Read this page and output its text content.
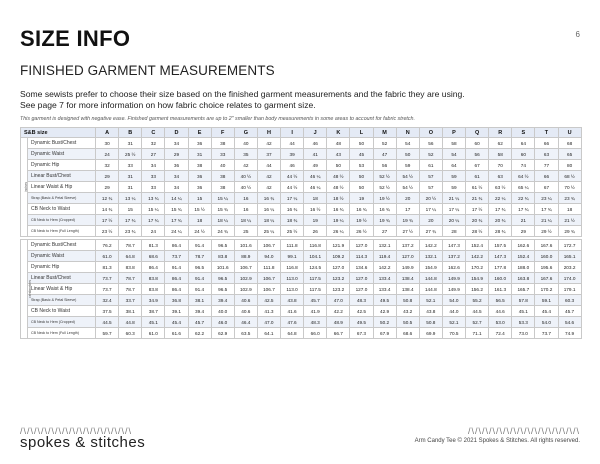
SIZE INFO	6
FINISHED GARMENT MEASUREMENTS
Some sewists prefer to choose their size based on the finished garment measurements and the fabric they are using.
See page 7 for more information on how fabric choice relates to garment size.
This garment is designed with negative ease. Finished garment measurements are up to 2" smaller than body measurements in some areas to account for fabric stretch.
S&B size		A	B	C	D	E	F	G	H	I	J	K	L	M	N	O	P	Q	R	S	T	U
inches	Dynamic Bust/Chest	30	31	32	34	36	38	40	42	44	46	48	50	52	54	56	58	60	62	64	66	68
	Dynamic Waist	24	25 ½	27	29	31	33	35	37	39	41	43	45	47	50	52	54	56	58	60	63	65
	Dynamic Hip	32	33	34	36	38	40	42	44	46	49	50	53	56	59	61	64	67	70	74	77	80
	Linear Bust/Chest	29	31	33	34	36	38	40 ½	42	44 ½	46 ¼	48 ½	50	52 ½	54 ½	57	59	61	63	64 ½	66	68 ½
	Linear Waist & Hip	29	31	33	34	36	38	40 ½	42	44 ½	46 ¼	48 ½	50	52 ½	54 ½	57	59	61 ½	63 ½	65 ¼	67	70 ½
	Strap (Basic & Petal Sleeve)	12 ¾	13 ¼	13 ¾	14 ¼	15	15 ¼	16	16 ¾	17 ¼	18	18 ½	19	19 ½	20	20 ½	21 ¼	21 ¾	22 ¼	22 ¾	23 ¼	23 ¾
	CB Neck to Waist	14 ¾	15	15 ¼	15 ¾	15 ½	15 ¾	16	16 ¼	16 ¾	16 ½	16 ¾	16 ¾	16 ¾	17	17 ¼	17 ¼	17 ½	17 ¾	17 ¾	17 ¾	18
	CB Neck to Hem (Cropped)	17 ½	17 ¾	17 ¾	17 ¾	18	18 ¼	18 ¼	18 ¼	18 ¾	19	19 ¼	19 ½	19 ¾	19 ¾	20	20 ¼	20 ¾	20 ¾	21	21 ¼	21 ½
	CB Neck to Hem (Full Length)	23 ½	23 ¾	24	24 ¼	24 ½	24 ¾	25	25 ¼	25 ½	26	26 ¼	26 ½	27	27 ½	27 ¾	28	28 ½	28 ¾	29	29 ½	29 ¾

centimeters	Dynamic Bust/Chest	76.2	78.7	81.3	86.4	91.4	96.5	101.6	106.7	111.8	116.8	121.9	127.0	132.1	137.2	142.2	147.3	152.4	157.5	162.6	167.6	172.7
	Dynamic Waist	61.0	64.8	68.6	73.7	78.7	83.8	88.9	94.0	99.1	104.1	109.2	114.3	119.4	127.0	132.1	137.2	142.2	147.3	152.4	160.0	165.1
	Dynamic Hip	81.3	83.8	86.4	91.4	96.5	101.6	106.7	111.8	116.8	124.5	127.0	134.6	142.2	149.9	154.9	162.6	170.2	177.8	188.0	195.6	203.2
	Linear Bust/Chest	73.7	78.7	83.8	86.4	91.4	96.5	102.9	106.7	113.0	117.5	123.2	127.0	133.4	138.4	144.8	149.9	154.9	160.0	163.8	167.6	174.0
	Linear Waist & Hip	73.7	78.7	83.8	86.4	91.4	96.5	102.9	106.7	113.0	117.5	123.2	127.0	133.4	138.4	144.8	149.9	156.2	161.3	165.7	170.2	179.1
	Strap (Basic & Petal Sleeve)	32.4	33.7	34.9	36.8	38.1	39.4	40.6	42.5	43.8	45.7	47.0	48.3	49.5	50.8	52.1	54.0	55.2	56.5	57.8	59.1	60.3
	CB Neck to Waist	37.5	38.1	38.7	39.1	39.4	40.0	40.6	41.3	41.6	41.9	42.2	42.5	42.9	43.2	43.8	44.0	44.5	44.6	45.1	45.4	45.7
	CB Neck to Hem (Cropped)	44.5	44.8	45.1	45.4	45.7	46.0	46.4	47.0	47.6	48.3	48.9	49.5	50.2	50.5	50.8	52.1	52.7	53.0	53.3	54.0	54.6
	CB Neck to Hem (Full Length)	59.7	60.3	61.0	61.6	62.2	62.9	63.5	64.1	64.8	66.0	66.7	67.3	67.9	68.6	69.9	70.5	71.1	72.4	73.0	73.7	74.9
/\/\/\/\/\/\/\/\/\/\/\/\/\/\/\/\	/\/\/\/\/\/\/\/\/\/\/\/\/\/\/\/\
spokes & stitches	Arm Candy Tee © 2021 Spokes & Stitches. All rights reserved.
